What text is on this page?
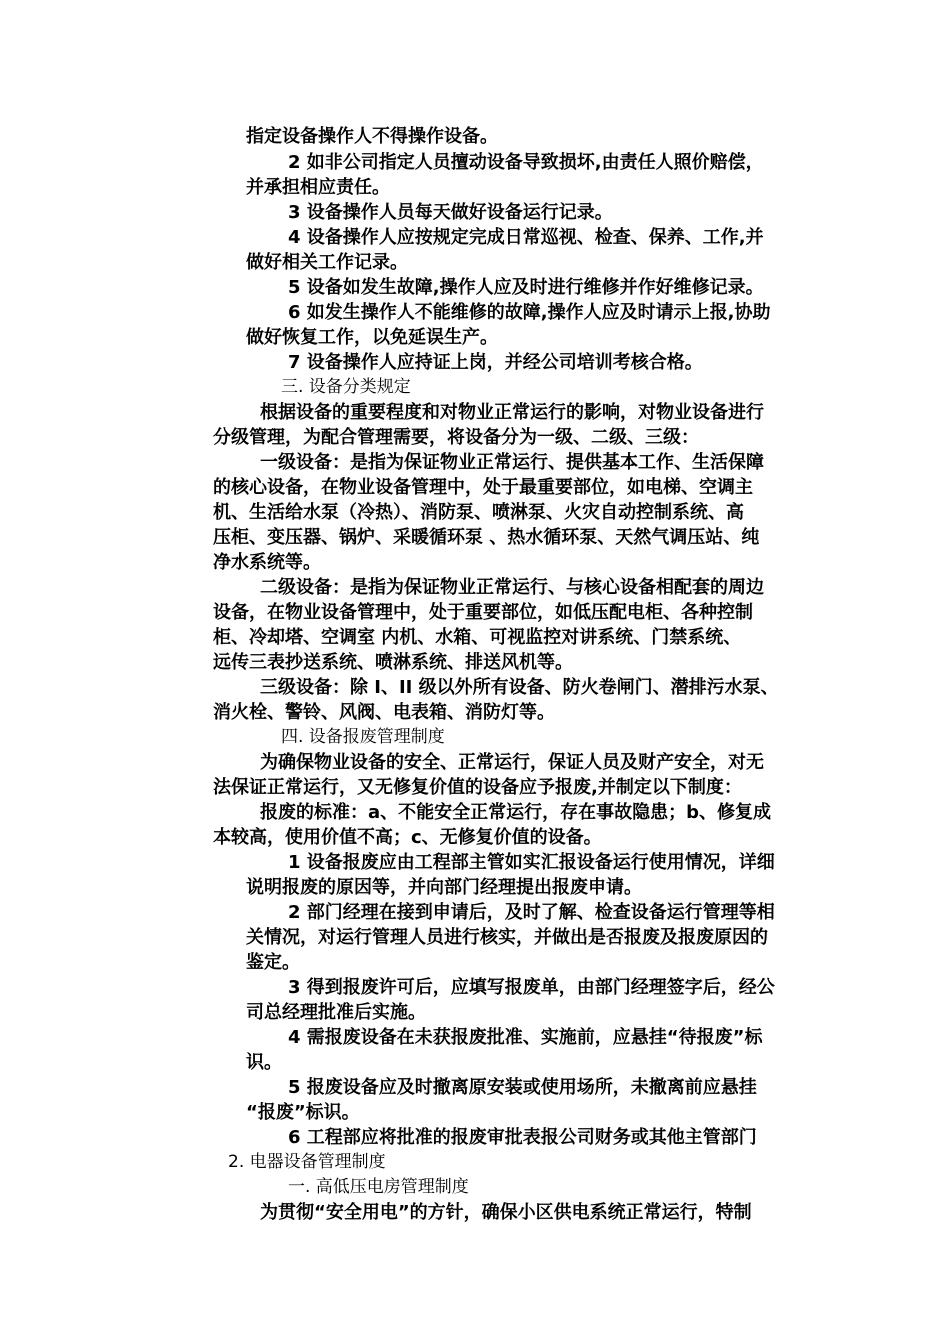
指定设备操作人不得操作设备。
2 如非公司指定人员擅动设备导致损坏,由责任人照价赔偿，
并承担相应责任。
3 设备操作人员每天做好设备运行记录。
4 设备操作人应按规定完成日常巡视、检查、保养、工作,并
做好相关工作记录。
5 设备如发生故障,操作人应及时进行维修并作好维修记录。
6 如发生操作人不能维修的故障,操作人应及时请示上报,协助
做好恢复工作，以免延误生产。
7 设备操作人应持证上岗，并经公司培训考核合格。
三. 设备分类规定
根据设备的重要程度和对物业正常运行的影响，对物业设备进行
分级管理，为配合管理需要，将设备分为一级、二级、三级：
一级设备：是指为保证物业正常运行、提供基本工作、生活保障
的核心设备，在物业设备管理中，处于最重要部位，如电梯、空调主
机、生活给水泵（冷热）、消防泵、喷淋泵、火灾自动控制系统、高
压柜、变压器、锅炉、采暖循环泵 、热水循环泵、天然气调压站、纯
净水系统等。
二级设备：是指为保证物业正常运行、与核心设备相配套的周边
设备，在物业设备管理中，处于重要部位，如低压配电柜、各种控制
柜、冷却塔、空调室 内机、水箱、可视监控对讲系统、门禁系统、
远传三表抄送系统、喷淋系统、排送风机等。
三级设备：除 I、II 级以外所有设备、防火卷闸门、潜排污水泵、
消火栓、警铃、风阀、电表箱、消防灯等。
四. 设备报废管理制度
为确保物业设备的安全、正常运行，保证人员及财产安全，对无
法保证正常运行，又无修复价值的设备应予报废,并制定以下制度：
报废的标准：a、不能安全正常运行，存在事故隐患；b、修复成
本较高，使用价值不高；c、无修复价值的设备。
1 设备报废应由工程部主管如实汇报设备运行使用情况，详细
说明报废的原因等，并向部门经理提出报废申请。
2 部门经理在接到申请后，及时了解、检查设备运行管理等相
关情况，对运行管理人员进行核实，并做出是否报废及报废原因的
鉴定。
3 得到报废许可后，应填写报废单，由部门经理签字后，经公
司总经理批准后实施。
4 需报废设备在未获报废批准、实施前，应悬挂“待报废”标
识。
5 报废设备应及时撤离原安装或使用场所，未撤离前应悬挂
“报废”标识。
6 工程部应将批准的报废审批表报公司财务或其他主管部门
2. 电器设备管理制度
一. 高低压电房管理制度
为贯彻“安全用电”的方针，确保小区供电系统正常运行，特制
